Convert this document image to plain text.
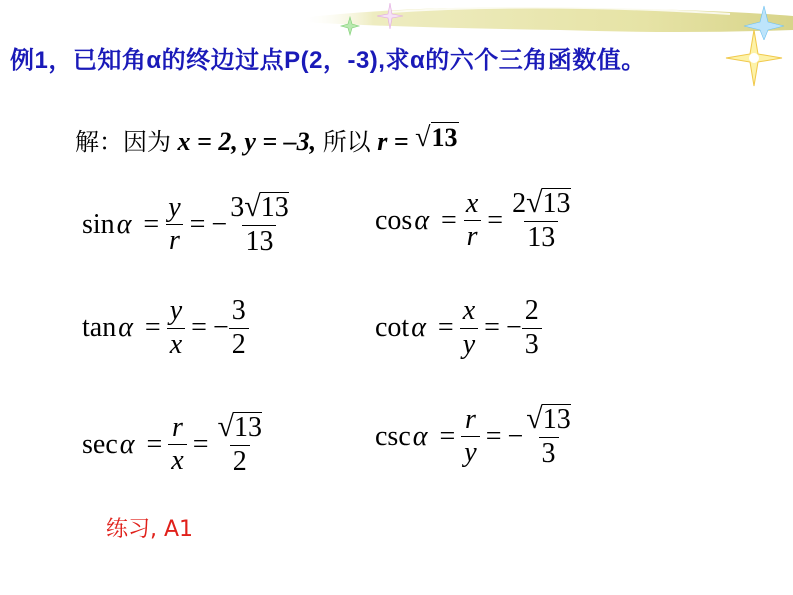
例1，已知角α的终边过点P(2，-3),求α的六个三角函数值。
解：因为 x = 2, y = –3, 所以 r = √13
$\sin \alpha = \frac{y}{r}$ = − $\frac{3 √ 13}{13}$	$\cos \alpha = \frac{x}{r} = \frac{2 √ 13}{13}$
$\tan \alpha = \frac{y}{x}$ = − $\frac{3}{2}$	$\cot \alpha = \frac{x}{y}$ = − $\frac{2}{3}$
$\sec \alpha = \frac{r}{x} = \frac{√ 13}{2}$	$\csc \alpha = \frac{r}{y}$ = − $\frac{√ 13}{3}$
练习, A1
